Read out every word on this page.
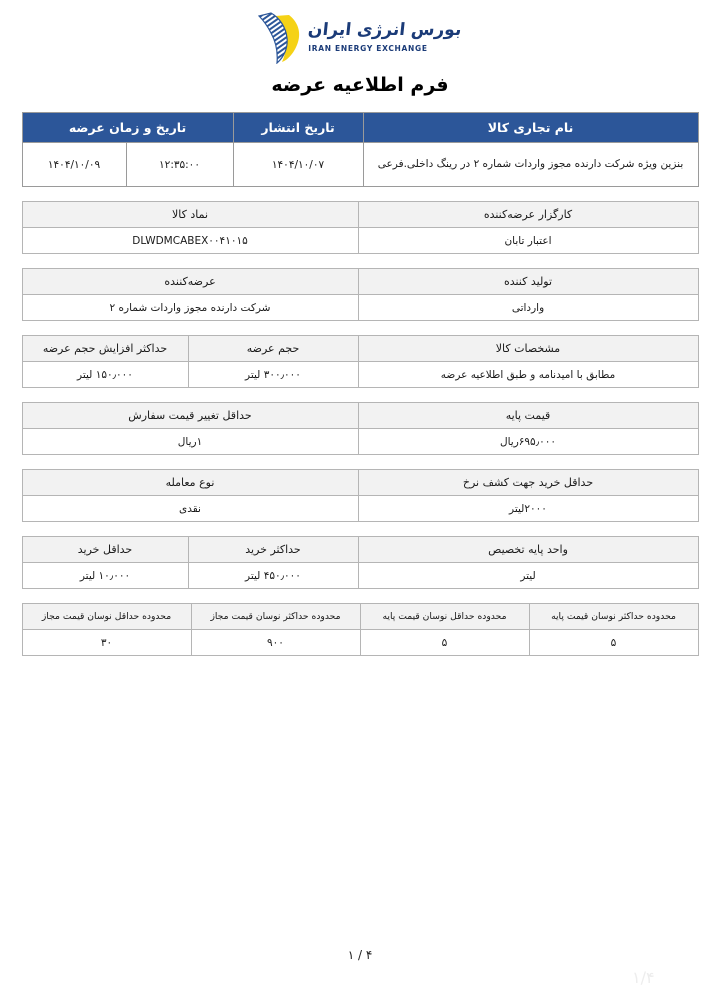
بورس انرژی ایران
IRAN ENERGY EXCHANGE
فرم اطلاعیه عرضه
نام تجاری کالا	تاریخ انتشار	تاریخ و زمان عرضه	
بنزین ویژه شرکت دارنده مجوز واردات شماره ۲ در رینگ داخلی.فرعی	۱۴۰۴/۱۰/۰۷	۱۲:۳۵:۰۰	۱۴۰۴/۱۰/۰۹
کارگزار عرضه‌کننده	نماد کالا
اعتبار تابان	DLWDMCABEX۰۰۴۱۰۱۵
تولید کننده	عرضه‌کننده
وارداتی	شرکت دارنده مجوز واردات شماره ۲
مشخصات کالا	حجم عرضه	حداکثر افزایش حجم عرضه
مطابق با امیدنامه و طبق اطلاعیه عرضه	۳۰۰٫۰۰۰ لیتر	۱۵۰٫۰۰۰ لیتر
قیمت پایه	حداقل تغییر قیمت سفارش
۶۹۵٫۰۰۰ریال	۱ریال
حداقل خرید جهت کشف نرخ	نوع معامله
۲۰۰۰لیتر	نقدی
واحد پایه تخصیص	حداکثر خرید	حداقل خرید
لیتر	۴۵۰٫۰۰۰ لیتر	۱۰٫۰۰۰ لیتر
محدوده حداکثر نوسان قیمت پایه	محدوده حداقل نوسان قیمت پایه	محدوده حداکثر نوسان قیمت مجاز	محدوده حداقل نوسان قیمت مجاز
۵	۵	۹۰۰	۳۰
۴ / ۱
۱/۴
